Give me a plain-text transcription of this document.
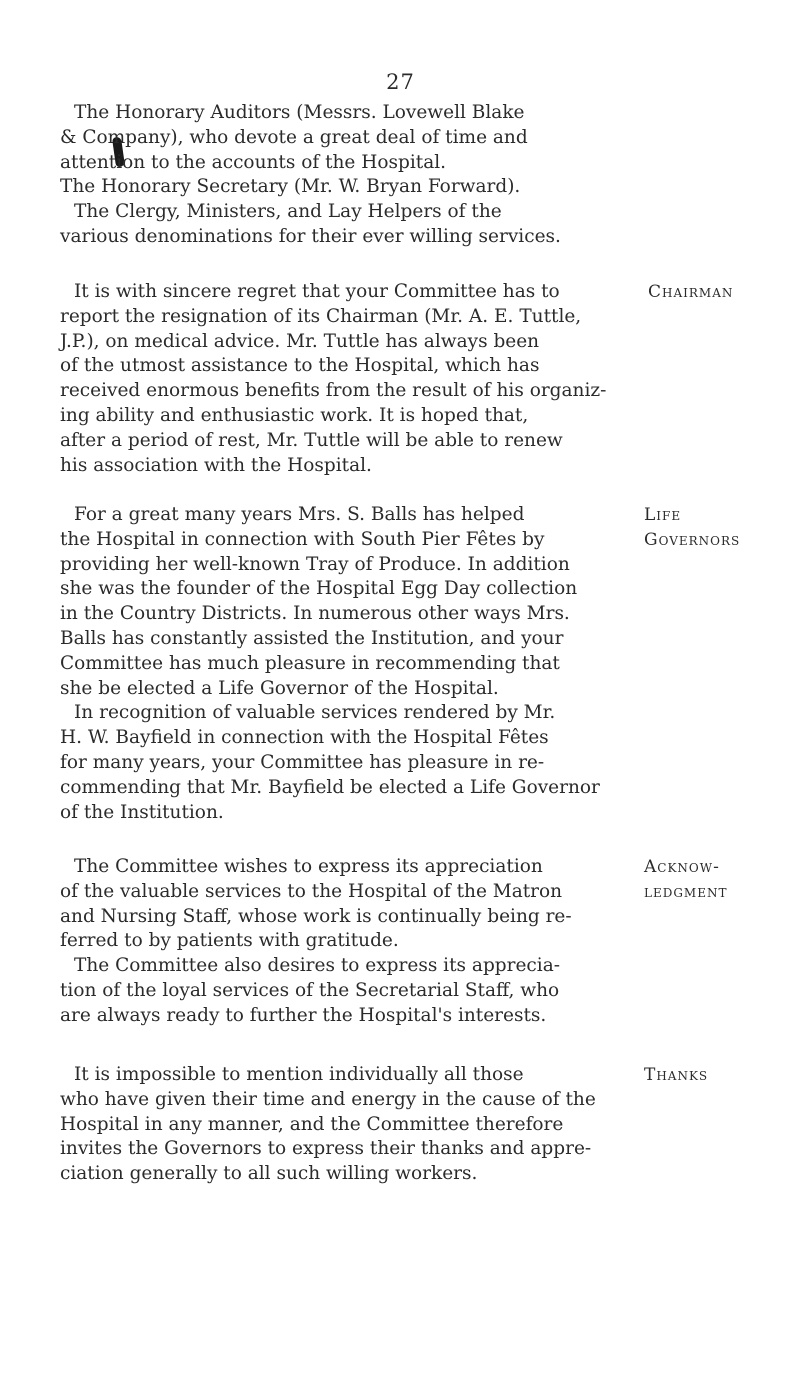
27

The Honorary Auditors (Messrs. Lovewell Blake
& Company), who devote a great deal of time and
attention to the accounts of the Hospital.

The Honorary Secretary (Mr. W. Bryan Forward).

The Clergy, Ministers, and Lay Helpers of the
various denominations for their ever willing services.

It is with sincere regret that your Committee has to
report the resignation of its Chairman (Mr. A. E. Tuttle,
J.P.), on medical advice. Mr. Tuttle has always been
of the utmost assistance to the Hospital, which has
received enormous benefits from the result of his organiz-
ing ability and enthusiastic work. It is hoped that,
after a period of rest, Mr. Tuttle will be able to renew
his association with the Hospital.

Chairman

For a great many years Mrs. S. Balls has helped
the Hospital in connection with South Pier Fêtes by
providing her well-known Tray of Produce. In addition
she was the founder of the Hospital Egg Day collection
in the Country Districts. In numerous other ways Mrs.
Balls has constantly assisted the Institution, and your
Committee has much pleasure in recommending that
she be elected a Life Governor of the Hospital.

In recognition of valuable services rendered by Mr.
H. W. Bayfield in connection with the Hospital Fêtes
for many years, your Committee has pleasure in re-
commending that Mr. Bayfield be elected a Life Governor
of the Institution.

Life
Governors

The Committee wishes to express its appreciation
of the valuable services to the Hospital of the Matron
and Nursing Staff, whose work is continually being re-
ferred to by patients with gratitude.

The Committee also desires to express its apprecia-
tion of the loyal services of the Secretarial Staff, who
are always ready to further the Hospital's interests.

Acknow-
ledgment

It is impossible to mention individually all those
who have given their time and energy in the cause of the
Hospital in any manner, and the Committee therefore
invites the Governors to express their thanks and appre-
ciation generally to all such willing workers.

Thanks
